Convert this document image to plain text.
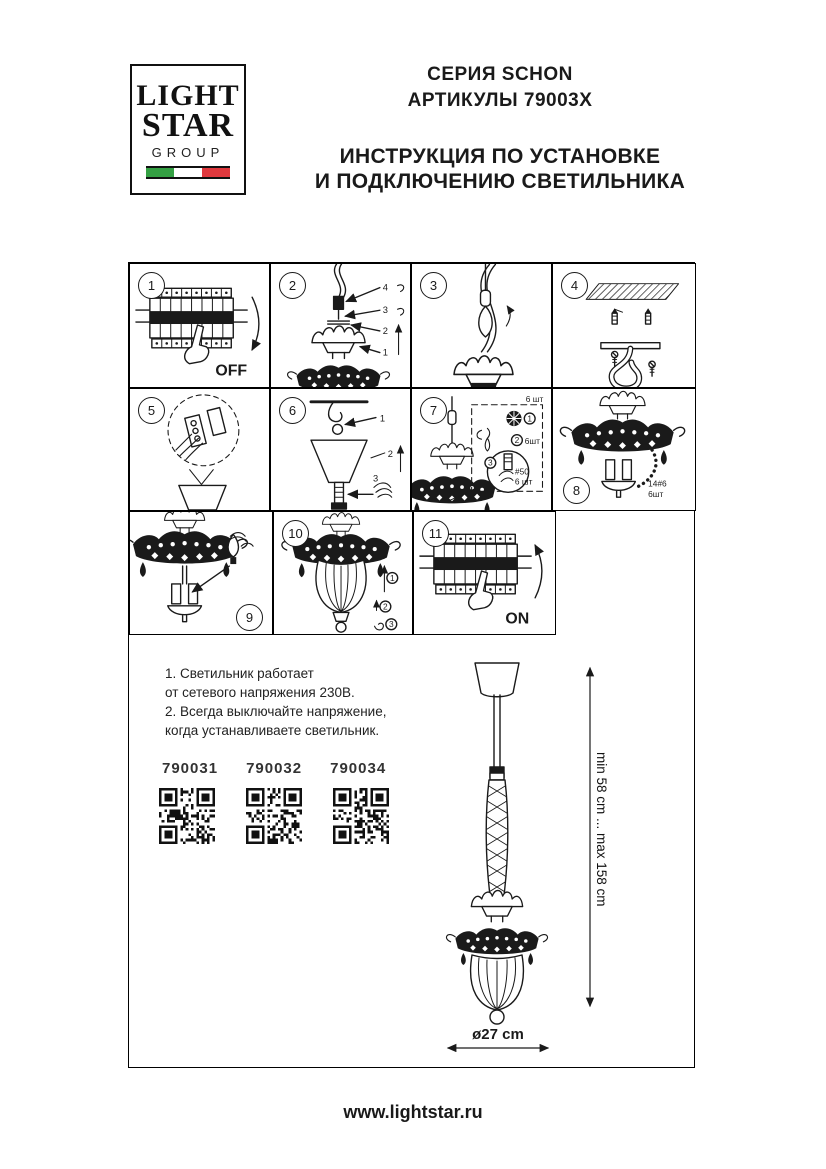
LIGHT
STAR
GROUP
СЕРИЯ SCHON
АРТИКУЛЫ 79003X
ИНСТРУКЦИЯ ПО УСТАНОВКЕ
И ПОДКЛЮЧЕНИЮ СВЕТИЛЬНИКА
1
OFF
2	4
3
2
1
3	4
5	6
1
2
3
7
6 шт
1
2 6шт
3
#50
6 шт
8	14#6
6шт
9
10
1
2
3
11
ON
1. Светильник работает
от сетевого напряжения 230В.
2. Всегда выключайте напряжение,
когда устанавливаете светильник.
790031 790032 790034
ø27 cm
min 58 cm ... max 158 cm
www.lightstar.ru
